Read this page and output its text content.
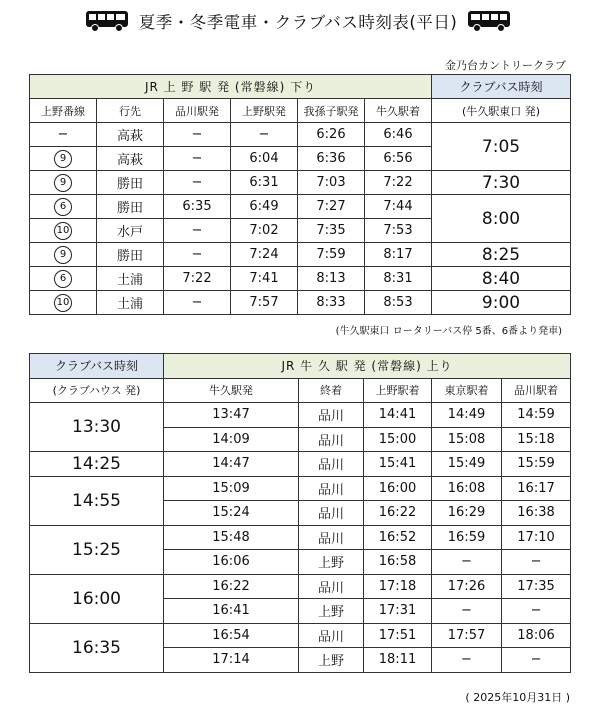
夏季・冬季電車・クラブバス時刻表(平日)
金乃台カントリークラブ
JR 上 野 駅 発 (常磐線) 下り						クラブバス時刻
上野番線	行先	品川駅発	上野駅発	我孫子駅発	牛久駅着	(牛久駅東口 発)
−	高萩	−	−	6:26	6:46	7:05
9	高萩	−	6:04	6:36	6:56	
9	勝田	−	6:31	7:03	7:22	7:30
6	勝田	6:35	6:49	7:27	7:44	8:00
10	水戸	−	7:02	7:35	7:53	
9	勝田	−	7:24	7:59	8:17	8:25
6	土浦	7:22	7:41	8:13	8:31	8:40
10	土浦	−	7:57	8:33	8:53	9:00
(牛久駅東口 ロータリーバス停 5番、6番より発車)
クラブバス時刻	JR 牛 久 駅 発 (常磐線) 上り				
(クラブハウス 発)	牛久駅発	終着	上野駅着	東京駅着	品川駅着
13:30	13:47	品川	14:41	14:49	14:59
	14:09	品川	15:00	15:08	15:18
14:25	14:47	品川	15:41	15:49	15:59
14:55	15:09	品川	16:00	16:08	16:17
	15:24	品川	16:22	16:29	16:38
15:25	15:48	品川	16:52	16:59	17:10
	16:06	上野	16:58	−	−
16:00	16:22	品川	17:18	17:26	17:35
	16:41	上野	17:31	−	−
16:35	16:54	品川	17:51	17:57	18:06
	17:14	上野	18:11	−	−
( 2025年10月31日 )
